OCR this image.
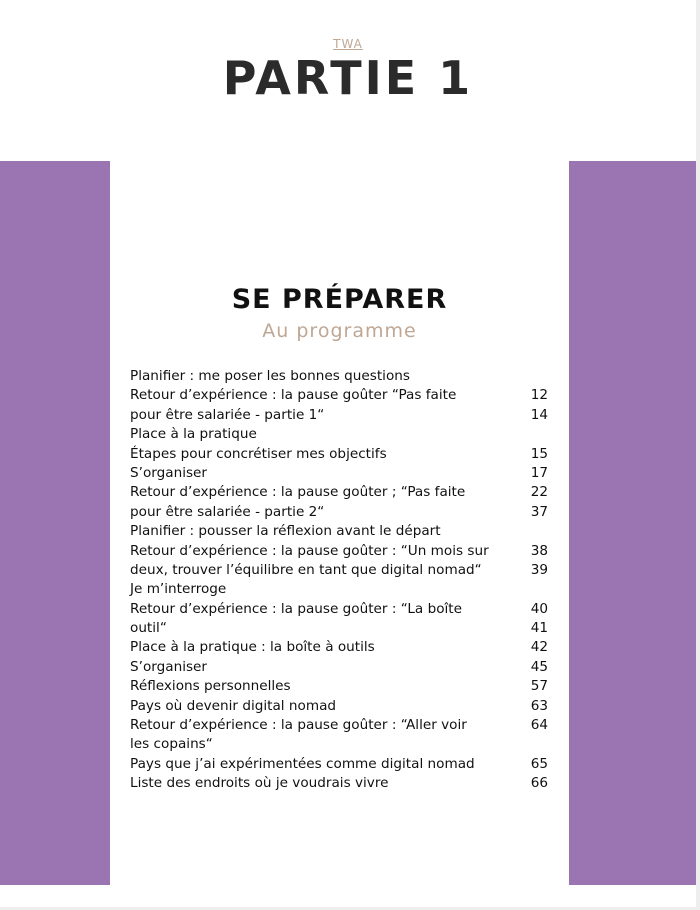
TWA
PARTIE 1
SE PRÉPARER
Au programme
Planifier : me poser les bonnes questions
Retour d’expérience : la pause goûter “Pas faite	12
pour être salariée - partie 1“	14
Place à la pratique
Étapes pour concrétiser mes objectifs	15
S’organiser	17
Retour d’expérience : la pause goûter ; “Pas faite	22
pour être salariée - partie 2“	37
Planifier : pousser la réflexion avant le départ
Retour d’expérience : la pause goûter : “Un mois sur	38
deux, trouver l’équilibre en tant que digital nomad“	39
Je m’interroge
Retour d’expérience : la pause goûter : “La boîte	40
outil“	41
Place à la pratique : la boîte à outils	42
S’organiser	45
Réflexions personnelles	57
Pays où devenir digital nomad	63
Retour d’expérience : la pause goûter : “Aller voir	64
les copains“
Pays que j’ai expérimentées comme digital nomad	65
Liste des endroits où je voudrais vivre	66
